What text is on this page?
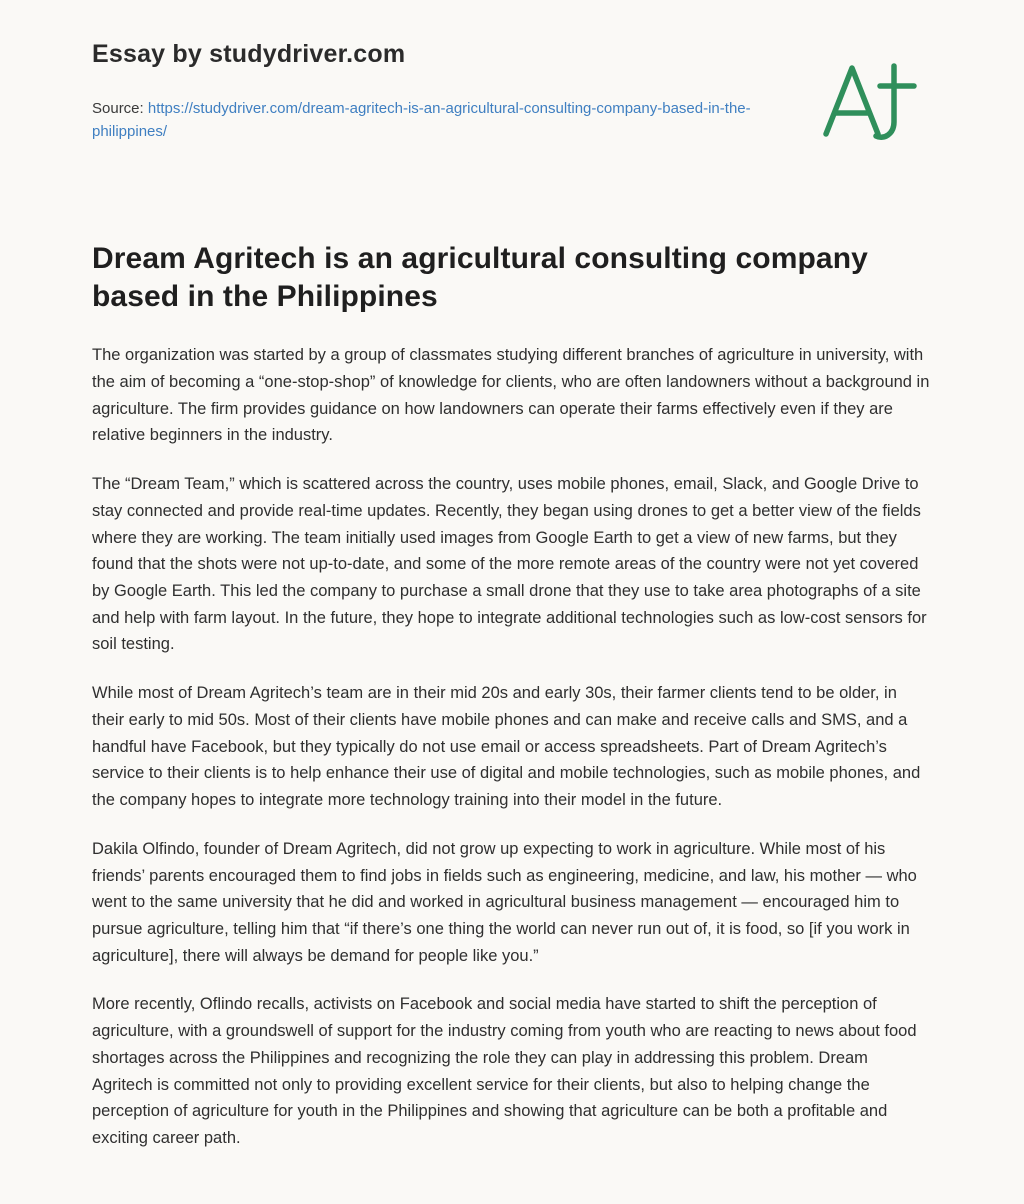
Essay by studydriver.com
Source: https://studydriver.com/dream-agritech-is-an-agricultural-consulting-company-based-in-the-philippines/
Dream Agritech is an agricultural consulting company based in the Philippines

The organization was started by a group of classmates studying different branches of agriculture in university, with the aim of becoming a “one-stop-shop” of knowledge for clients, who are often landowners without a background in agriculture. The firm provides guidance on how landowners can operate their farms effectively even if they are relative beginners in the industry.

The “Dream Team,” which is scattered across the country, uses mobile phones, email, Slack, and Google Drive to stay connected and provide real-time updates. Recently, they began using drones to get a better view of the fields where they are working. The team initially used images from Google Earth to get a view of new farms, but they found that the shots were not up-to-date, and some of the more remote areas of the country were not yet covered by Google Earth. This led the company to purchase a small drone that they use to take area photographs of a site and help with farm layout. In the future, they hope to integrate additional technologies such as low-cost sensors for soil testing.

While most of Dream Agritech’s team are in their mid 20s and early 30s, their farmer clients tend to be older, in their early to mid 50s. Most of their clients have mobile phones and can make and receive calls and SMS, and a handful have Facebook, but they typically do not use email or access spreadsheets. Part of Dream Agritech’s service to their clients is to help enhance their use of digital and mobile technologies, such as mobile phones, and the company hopes to integrate more technology training into their model in the future.

Dakila Olfindo, founder of Dream Agritech, did not grow up expecting to work in agriculture. While most of his friends’ parents encouraged them to find jobs in fields such as engineering, medicine, and law, his mother — who went to the same university that he did and worked in agricultural business management — encouraged him to pursue agriculture, telling him that “if there’s one thing the world can never run out of, it is food, so [if you work in agriculture], there will always be demand for people like you.”

More recently, Oflindo recalls, activists on Facebook and social media have started to shift the perception of agriculture, with a groundswell of support for the industry coming from youth who are reacting to news about food shortages across the Philippines and recognizing the role they can play in addressing this problem. Dream Agritech is committed not only to providing excellent service for their clients, but also to helping change the perception of agriculture for youth in the Philippines and showing that agriculture can be both a profitable and exciting career path.
